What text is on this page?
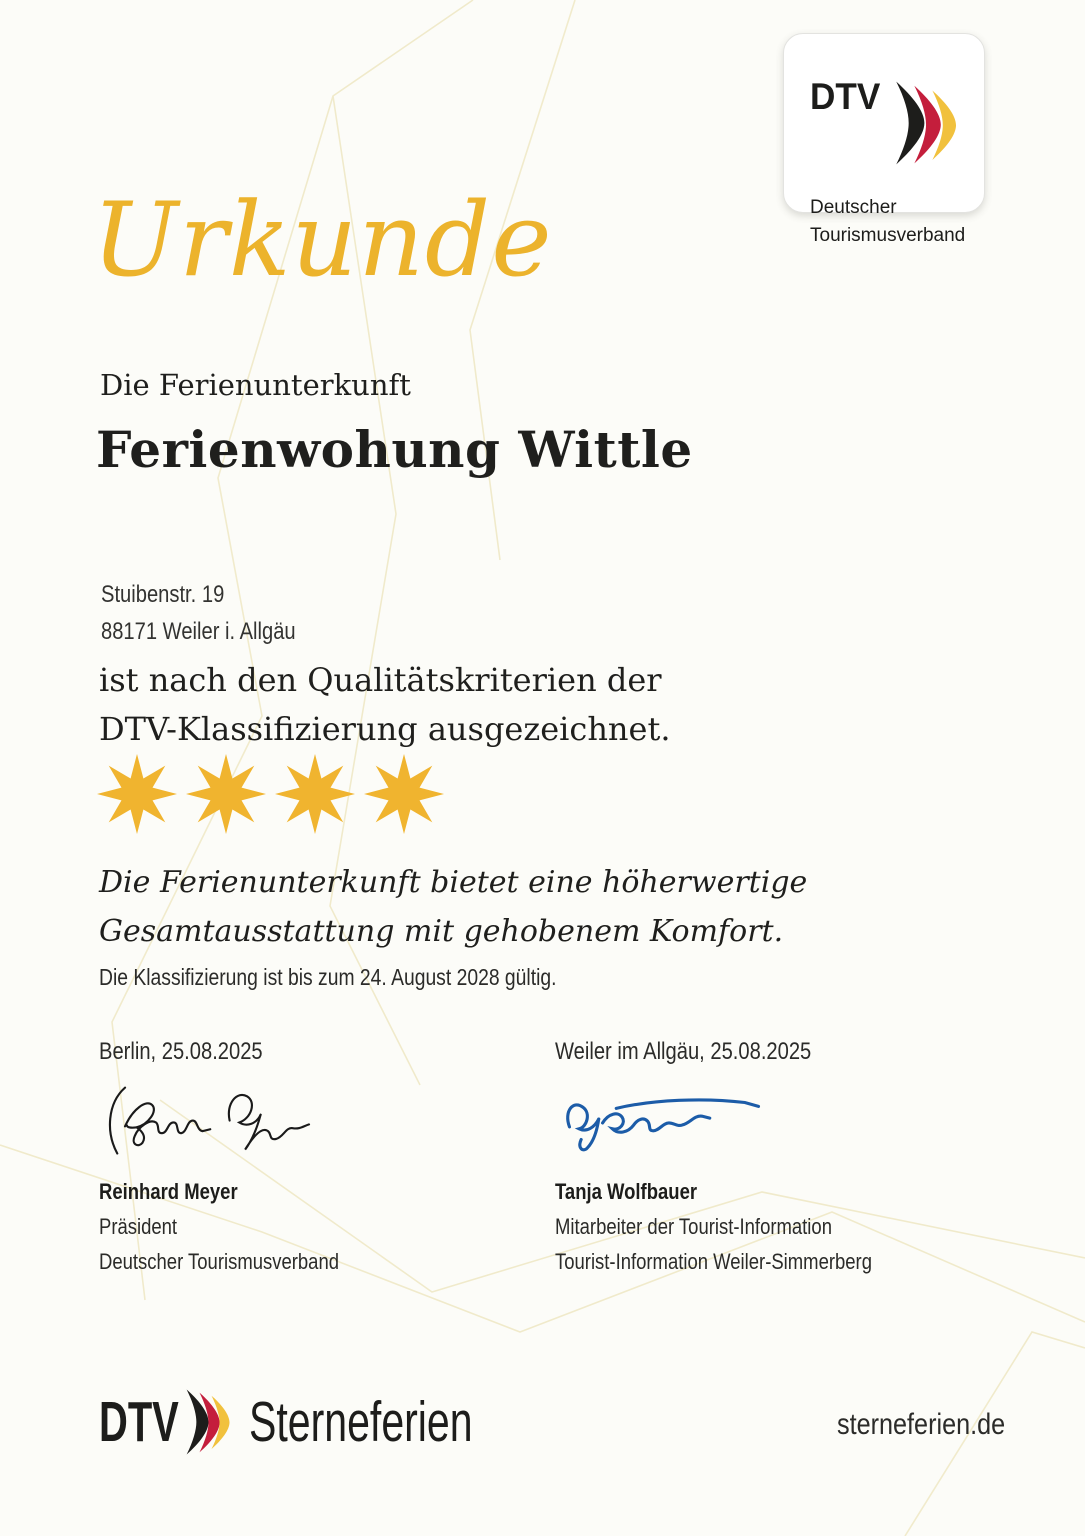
DTV
Deutscher
Tourismusverband
Urkunde
Die Ferienunterkunft
Ferienwohung Wittle
Stuibenstr. 19
88171 Weiler i. Allgäu
ist nach den Qualitätskriterien der
DTV-Klassifizierung ausgezeichnet.
Die Ferienunterkunft bietet eine höherwertige
Gesamtausstattung mit gehobenem Komfort.
Die Klassifizierung ist bis zum 24. August 2028 gültig.
Berlin, 25.08.2025
Reinhard Meyer
Präsident
Deutscher Tourismusverband
Weiler im Allgäu, 25.08.2025
Tanja Wolfbauer
Mitarbeiter der Tourist-Information
Tourist-Information Weiler-Simmerberg
DTV Sterneferien	sterneferien.de
